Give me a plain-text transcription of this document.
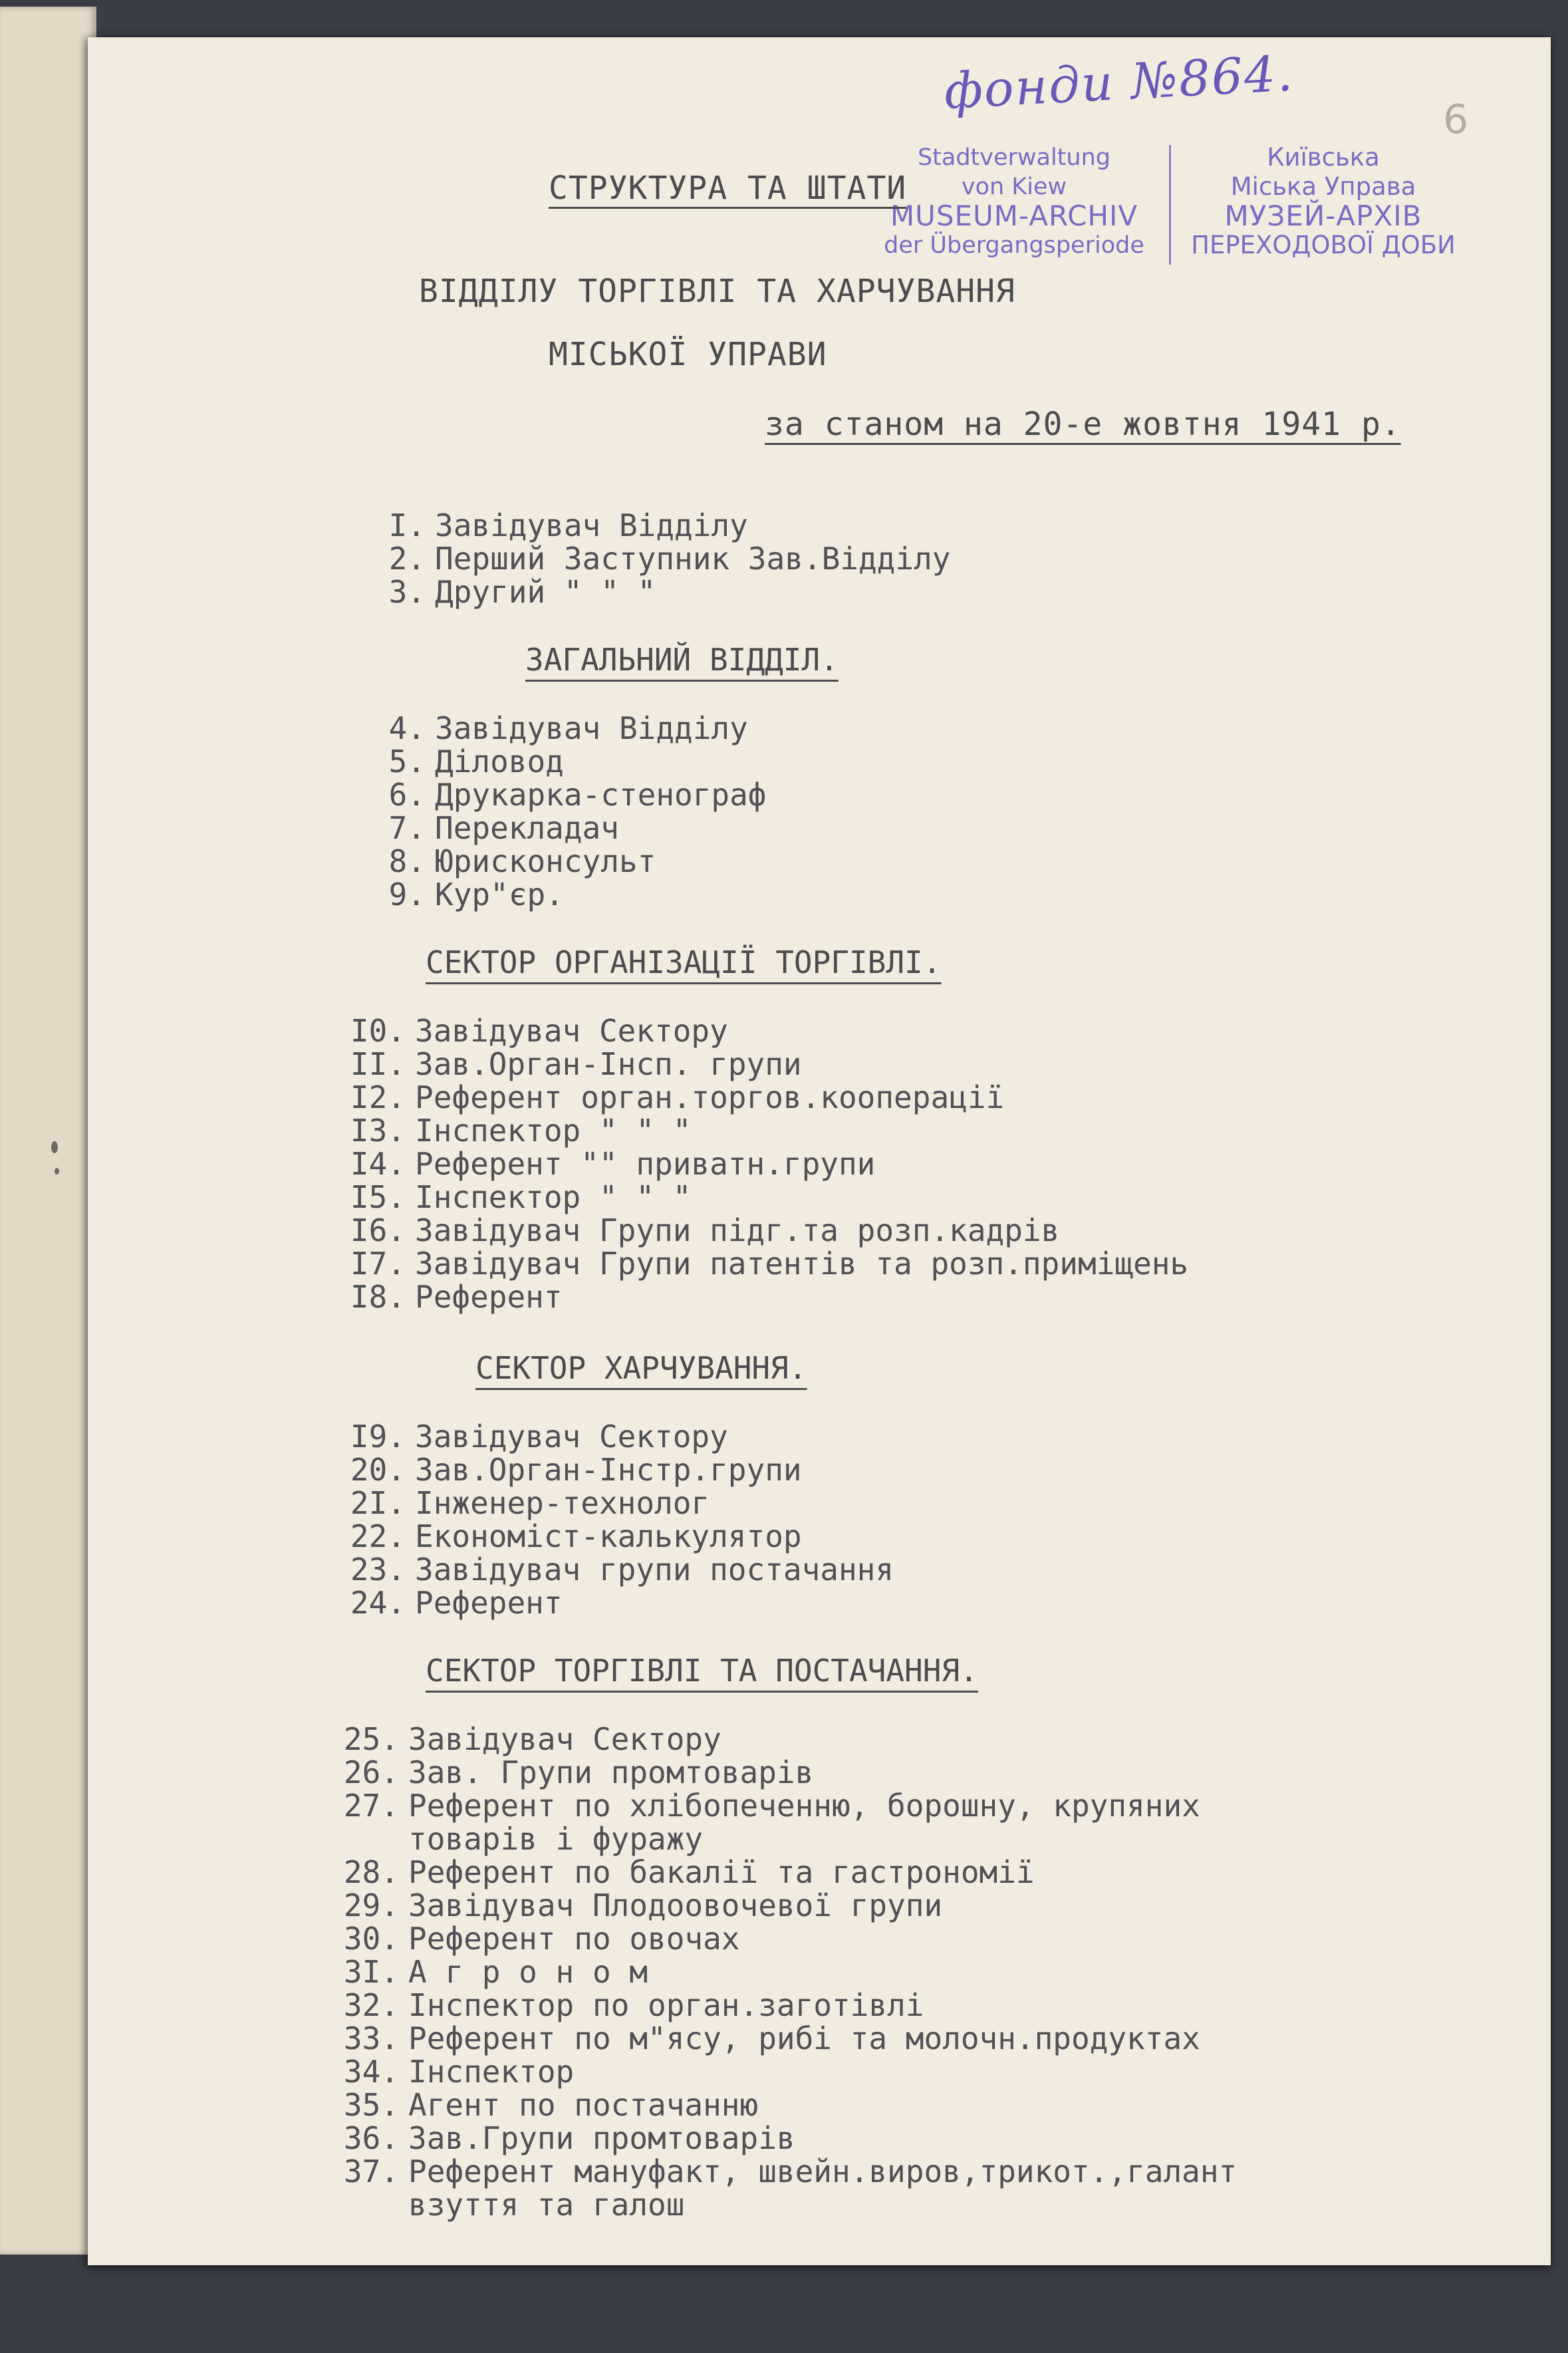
фонди №864.	6
Stadtverwaltung
von Kiew
MUSEUM-ARCHIV
der Übergangsperiode
Київська
Міська Управа
МУЗЕЙ-АРХІВ
ПЕРЕХОДОВОЇ ДОБИ
СТРУКТУРА ТА ШТАТИ
ВІДДІЛУ ТОРГІВЛІ ТА ХАРЧУВАННЯ
МІСЬКОЇ УПРАВИ
за станом на 20-е жовтня 1941 р.
I. Завідувач Відділу
2. Перший Заступник Зав.Відділу
3. Другий " " "
ЗАГАЛЬНИЙ ВІДДІЛ.
4. Завідувач Відділу
5. Діловод
6. Друкарка-стенограф
7. Перекладач
8. Юрисконсульт
9. Кур"єр.
СЕКТОР ОРГАНІЗАЦІЇ ТОРГІВЛІ.
I0. Завідувач Сектору
II. Зав.Орган-Інсп. групи
I2. Референт орган.торгов.кооперації
I3. Інспектор " " "
I4. Референт "" приватн.групи
I5. Інспектор " " "
I6. Завідувач Групи підг.та розп.кадрів
I7. Завідувач Групи патентів та розп.приміщень
I8. Референт
СЕКТОР ХАРЧУВАННЯ.
I9. Завідувач Сектору
20. Зав.Орган-Інстр.групи
2I. Інженер-технолог
22. Економіст-калькулятор
23. Завідувач групи постачання
24. Референт
СЕКТОР ТОРГІВЛІ ТА ПОСТАЧАННЯ.
25. Завідувач Сектору
26. Зав. Групи промтоварів
27. Референт по хлібопеченню, борошну, крупяних
товарів і фуражу
28. Референт по бакалії та гастрономії
29. Завідувач Плодоовочевої групи
30. Референт по овочах
3I. А г р о н о м
32. Інспектор по орган.заготівлі
33. Референт по м"ясу, рибі та молочн.продуктах
34. Інспектор
35. Агент по постачанню
36. Зав.Групи промтоварів
37. Референт мануфакт, швейн.виров,трикот.,галант
взуття та галош
